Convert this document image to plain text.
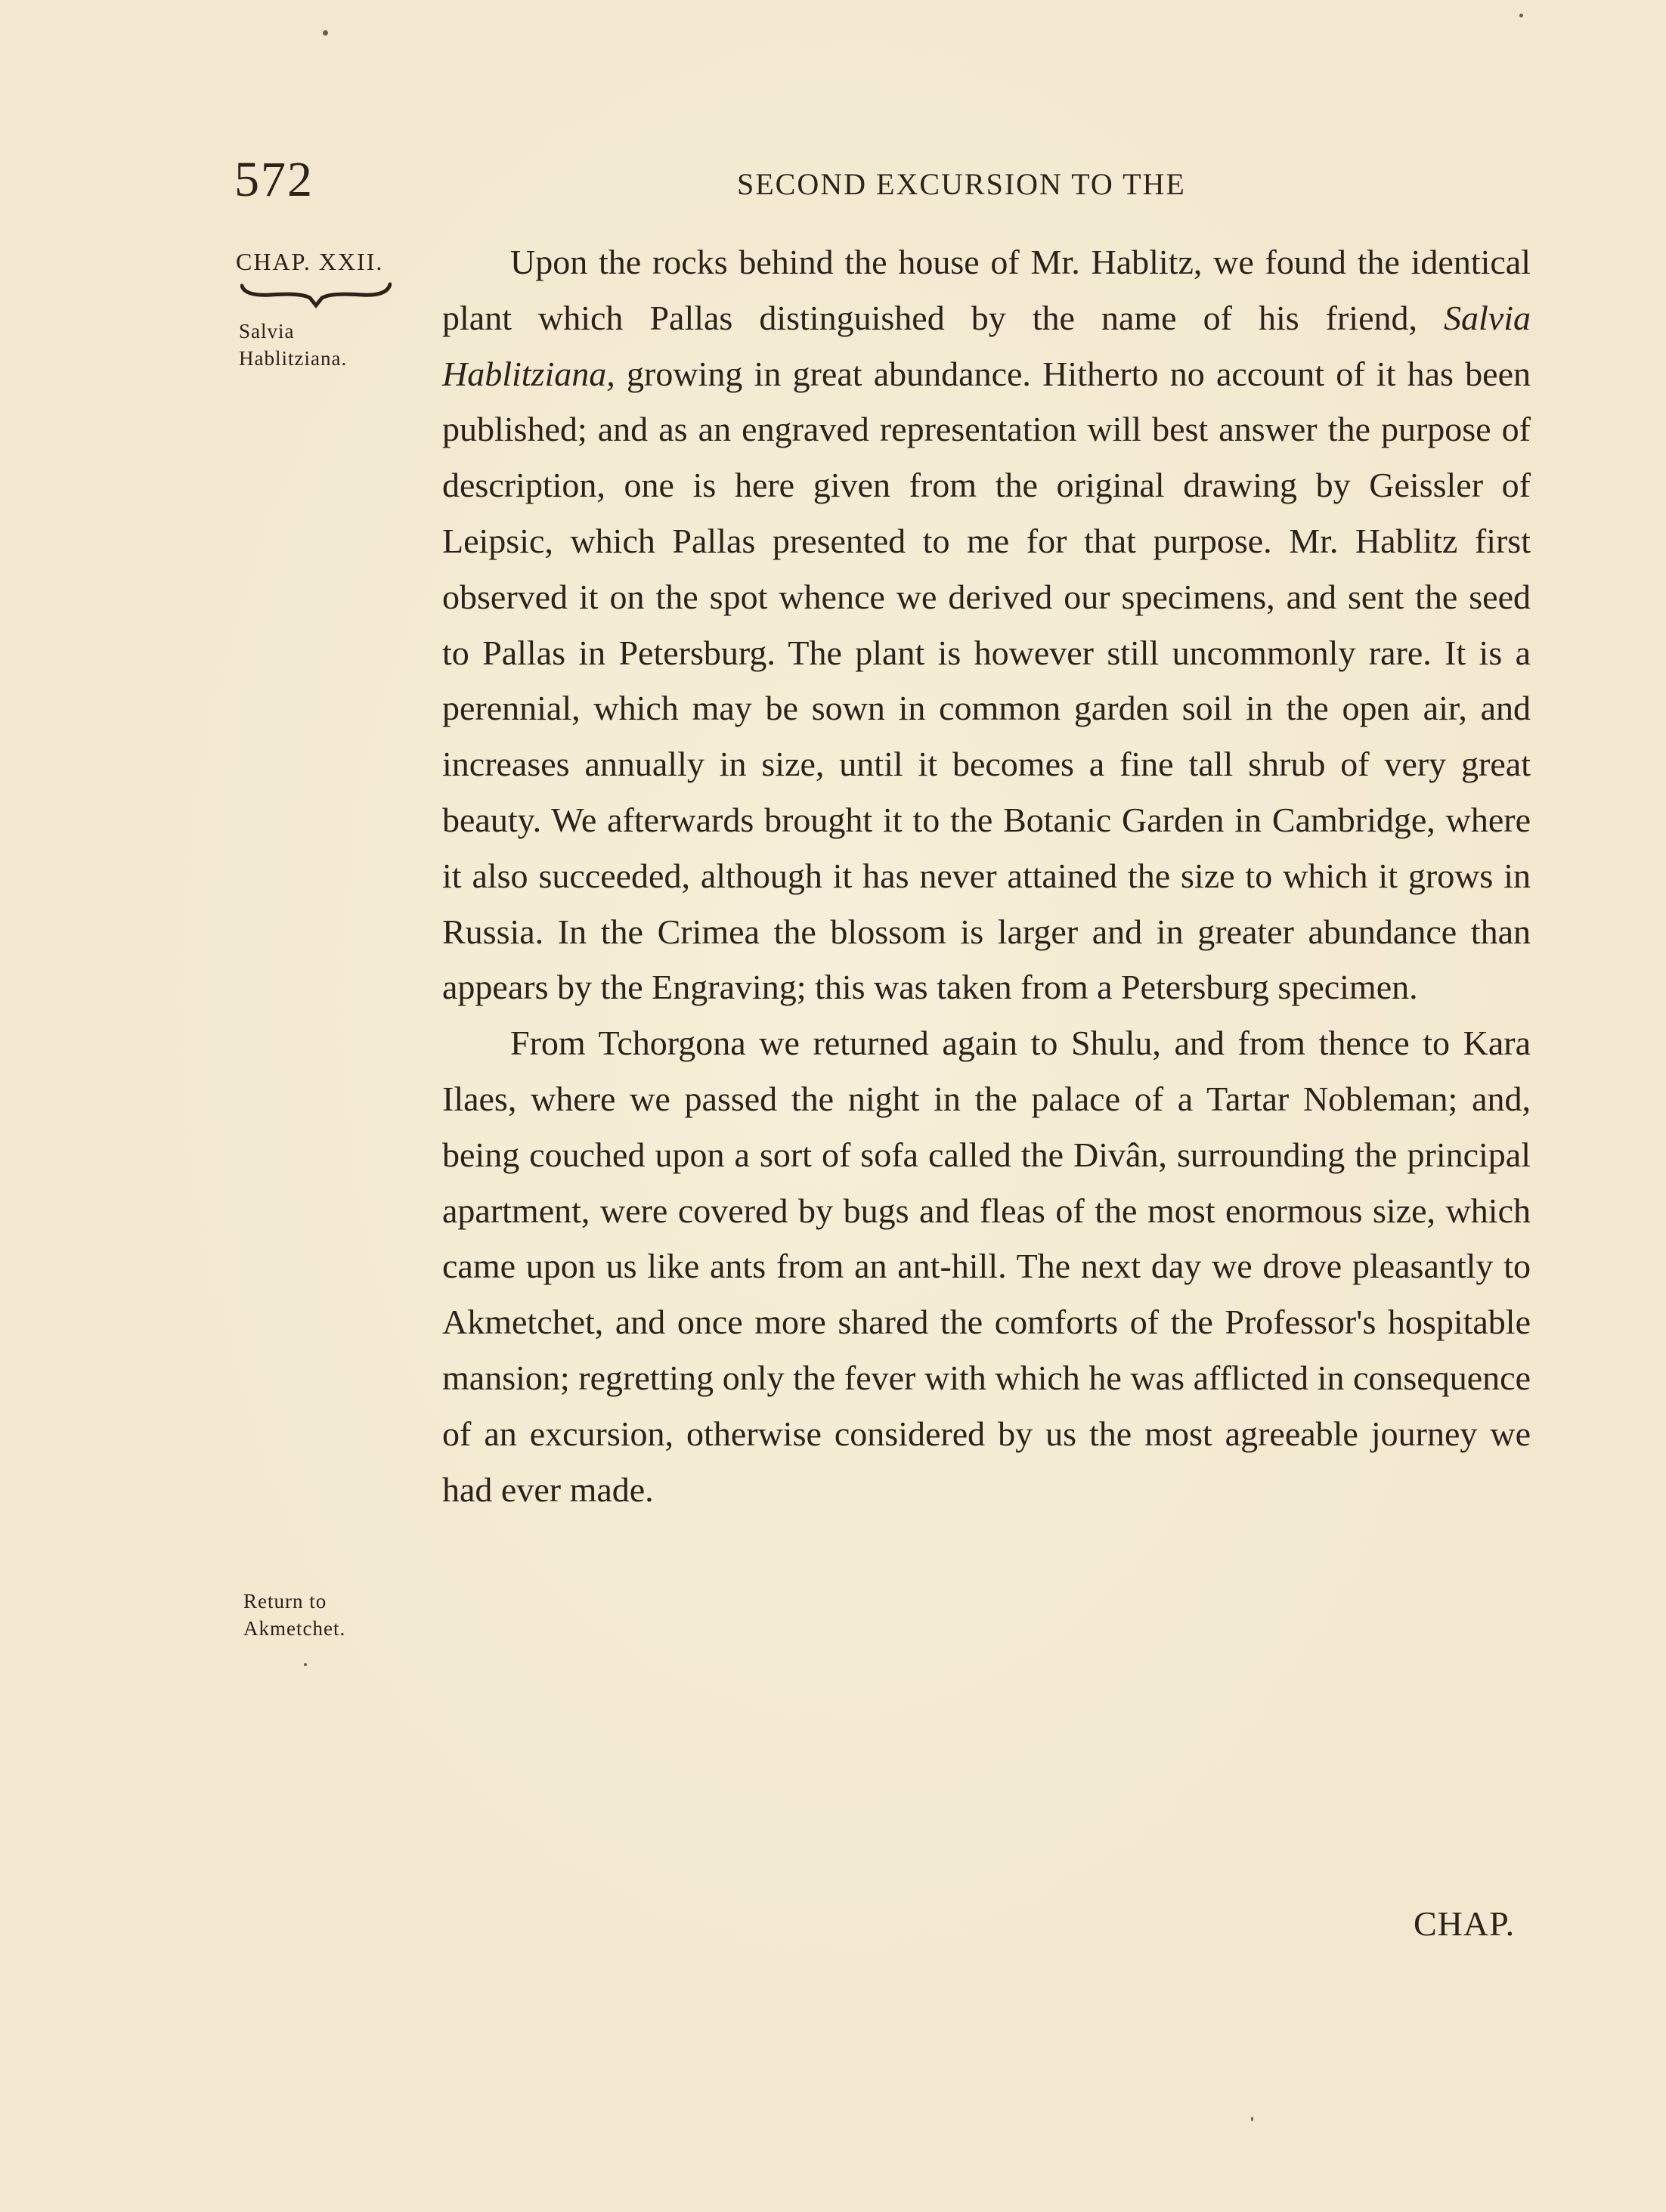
572	SECOND EXCURSION TO THE
CHAP. XXII.
Salvia
Hablitziana.
Return to
Akmetchet.

Upon the rocks behind the house of Mr. Hablitz, we found the identical plant which Pallas distinguished by the name of his friend, Salvia Hablitziana, growing in great abundance. Hitherto no account of it has been published; and as an engraved representation will best answer the purpose of description, one is here given from the original drawing by Geissler of Leipsic, which Pallas presented to me for that purpose. Mr. Hablitz first observed it on the spot whence we derived our specimens, and sent the seed to Pallas in Petersburg. The plant is however still uncommonly rare. It is a perennial, which may be sown in common garden soil in the open air, and increases annually in size, until it becomes a fine tall shrub of very great beauty. We afterwards brought it to the Botanic Garden in Cambridge, where it also succeeded, although it has never attained the size to which it grows in Russia. In the Crimea the blossom is larger and in greater abundance than appears by the Engraving; this was taken from a Petersburg specimen.

From Tchorgona we returned again to Shulu, and from thence to Kara Ilaes, where we passed the night in the palace of a Tartar Nobleman; and, being couched upon a sort of sofa called the Divân, surrounding the principal apartment, were covered by bugs and fleas of the most enormous size, which came upon us like ants from an ant-hill. The next day we drove pleasantly to Akmetchet, and once more shared the comforts of the Professor's hospitable mansion; regretting only the fever with which he was afflicted in consequence of an excursion, otherwise considered by us the most agreeable journey we had ever made.

CHAP.
